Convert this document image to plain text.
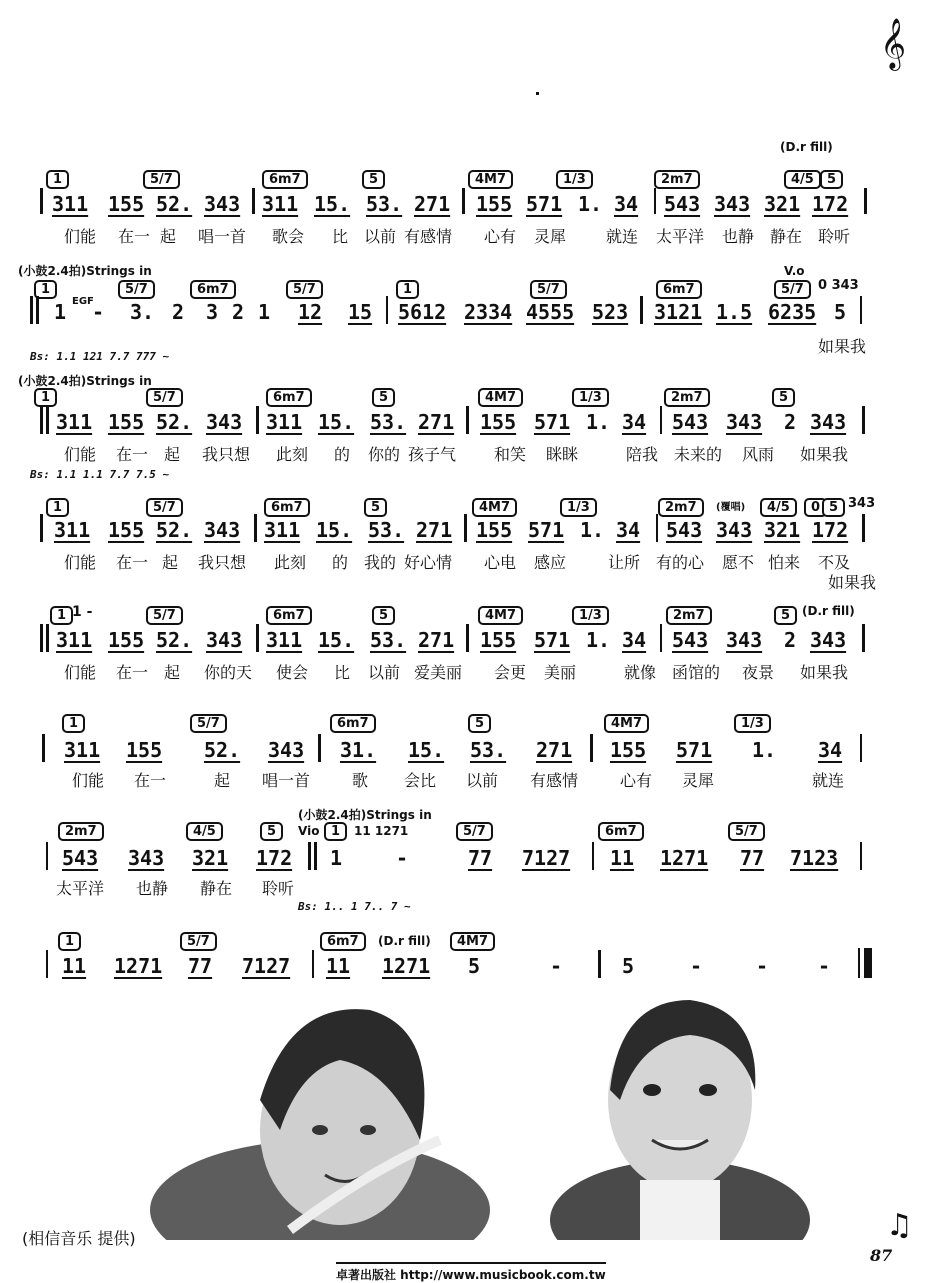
𝄞
(D.r fill)
1	5/7	6m7	5	4M7	1/3	2m7	4/5	5
311 155 52. 343 311 15. 53. 271 155 571 1. 34 543 343 321 172
们能 在一 起 唱一首 歌会 比 以前 有感情 心有 灵犀 就连 太平洋 也静 静在 聆听
(小鼓2.4拍)Strings in	V.o
1	5/7	6m7	5/7	1	5/7	6m7	5/7	0 343
EGF
1 - 3. 2 3 2 1 12 15 5612 2334 4555 523 3121 1.5 6235 5
如果我
Bs: 1.1 121 7.7 777 ~
(小鼓2.4拍)Strings in
1	5/7	6m7	5	4M7	1/3	2m7	5
311 155 52. 343 311 15. 53. 271 155 571 1. 34 543 343 2 343
们能 在一 起 我只想 此刻 的 你的 孩子气 和笑 眯眯	陪我 未来的 风雨 如果我
Bs: 1.1 1.1 7.7 7.5 ~
1	5/7	6m7	5	4M7	1/3	2m7	(覆唱)	4/5	0 5 343
311 155 52. 343 311 15. 53. 271 155 571 1. 34 543 343 321 172
们能 在一 起 我只想 此刻 的 我的 好心情 心电 感应	让所 有的心 愿不 怕来 不及
如果我
1 1 -	5/7	6m7	5	4M7	1/3	2m7	5 (D.r fill)
311 155 52. 343 311 15. 53. 271 155 571 1. 34 543 343 2 343
们能 在一 起 你的天 使会 比 以前 爱美丽 会更 美丽	就像 函馆的 夜景 如果我
1	5/7	6m7	5	4M7	1/3
311 155 52. 343 31. 15. 53. 271 155 571 1. 34
们能 在一	起 唱一首	歌 会比 以前 有感情	心有 灵犀	就连
(小鼓2.4拍)Strings in
2m7	4/5	5	Vio 1	11 1271	5/7	6m7	5/7
543 343 321 172 1	-	77 7127 11 1271 77 7123
太平洋 也静 静在 聆听
Bs: 1.. 1 7.. 7 ~
1	5/7	6m7	(D.r fill)	4M7
11 1271 77 7127 11 1271 5	-	5	-	- -
(相信音乐 提供)
87
♫
卓著出版社 http://www.musicbook.com.tw
